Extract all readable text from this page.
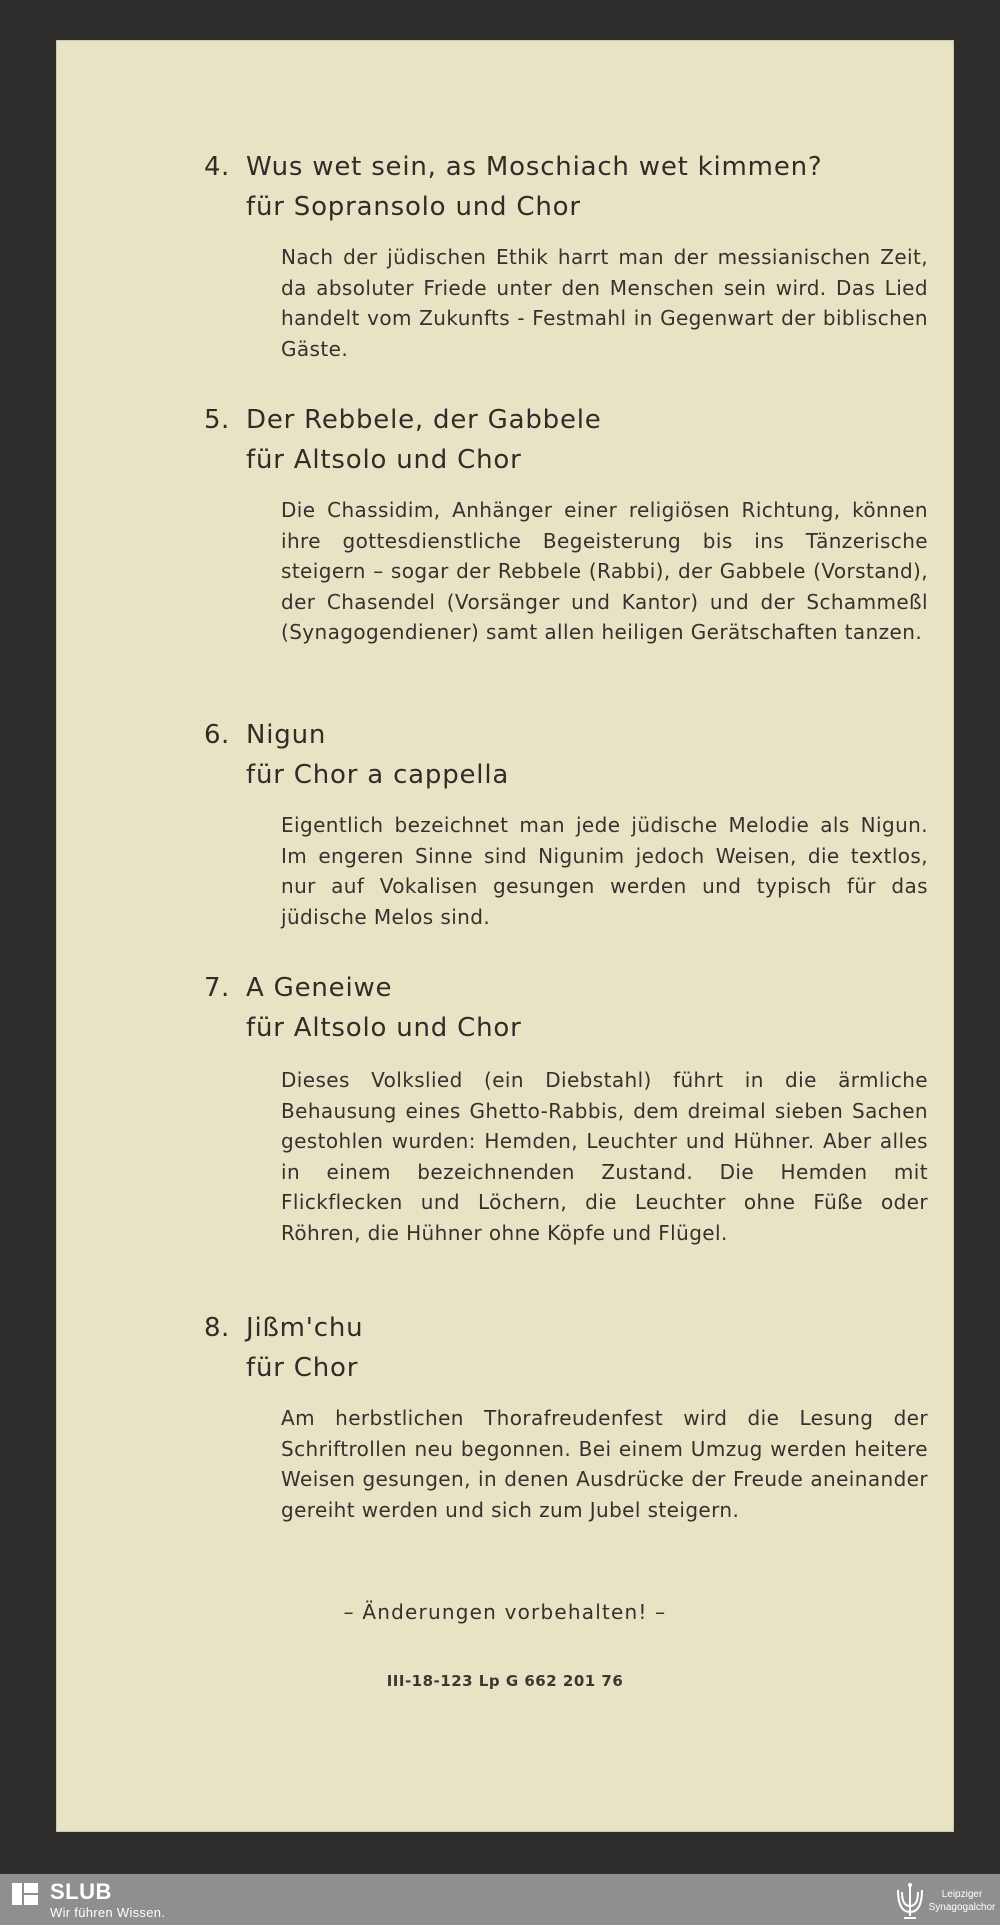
4. Wus wet sein, as Moschiach wet kimmen?
für Sopransolo und Chor

Nach der jüdischen Ethik harrt man der messianischen Zeit, da absoluter Friede unter den Menschen sein wird. Das Lied handelt vom Zukunfts - Festmahl in Gegenwart der biblischen Gäste.

5. Der Rebbele, der Gabbele
für Altsolo und Chor

Die Chassidim, Anhänger einer religiösen Richtung, können ihre gottesdienstliche Begeisterung bis ins Tänzerische steigern – sogar der Rebbele (Rabbi), der Gabbele (Vorstand), der Chasendel (Vorsänger und Kantor) und der Schammeßl (Synagogendiener) samt allen heiligen Gerätschaften tanzen.

6. Nigun
für Chor a cappella

Eigentlich bezeichnet man jede jüdische Melodie als Nigun. Im engeren Sinne sind Nigunim jedoch Weisen, die textlos, nur auf Vokalisen gesungen werden und typisch für das jüdische Melos sind.

7. A Geneiwe
für Altsolo und Chor

Dieses Volkslied (ein Diebstahl) führt in die ärmliche Behausung eines Ghetto-Rabbis, dem dreimal sieben Sachen gestohlen wurden: Hemden, Leuchter und Hühner. Aber alles in einem bezeichnenden Zustand. Die Hemden mit Flickflecken und Löchern, die Leuchter ohne Füße oder Röhren, die Hühner ohne Köpfe und Flügel.

8. Jißm'chu
für Chor

Am herbstlichen Thorafreudenfest wird die Lesung der Schriftrollen neu begonnen. Bei einem Umzug werden heitere Weisen gesungen, in denen Ausdrücke der Freude aneinander gereiht werden und sich zum Jubel steigern.

– Änderungen vorbehalten! –
III-18-123 Lp G 662 201 76
SLUB
Wir führen Wissen.
Leipziger
Synagogalchor
